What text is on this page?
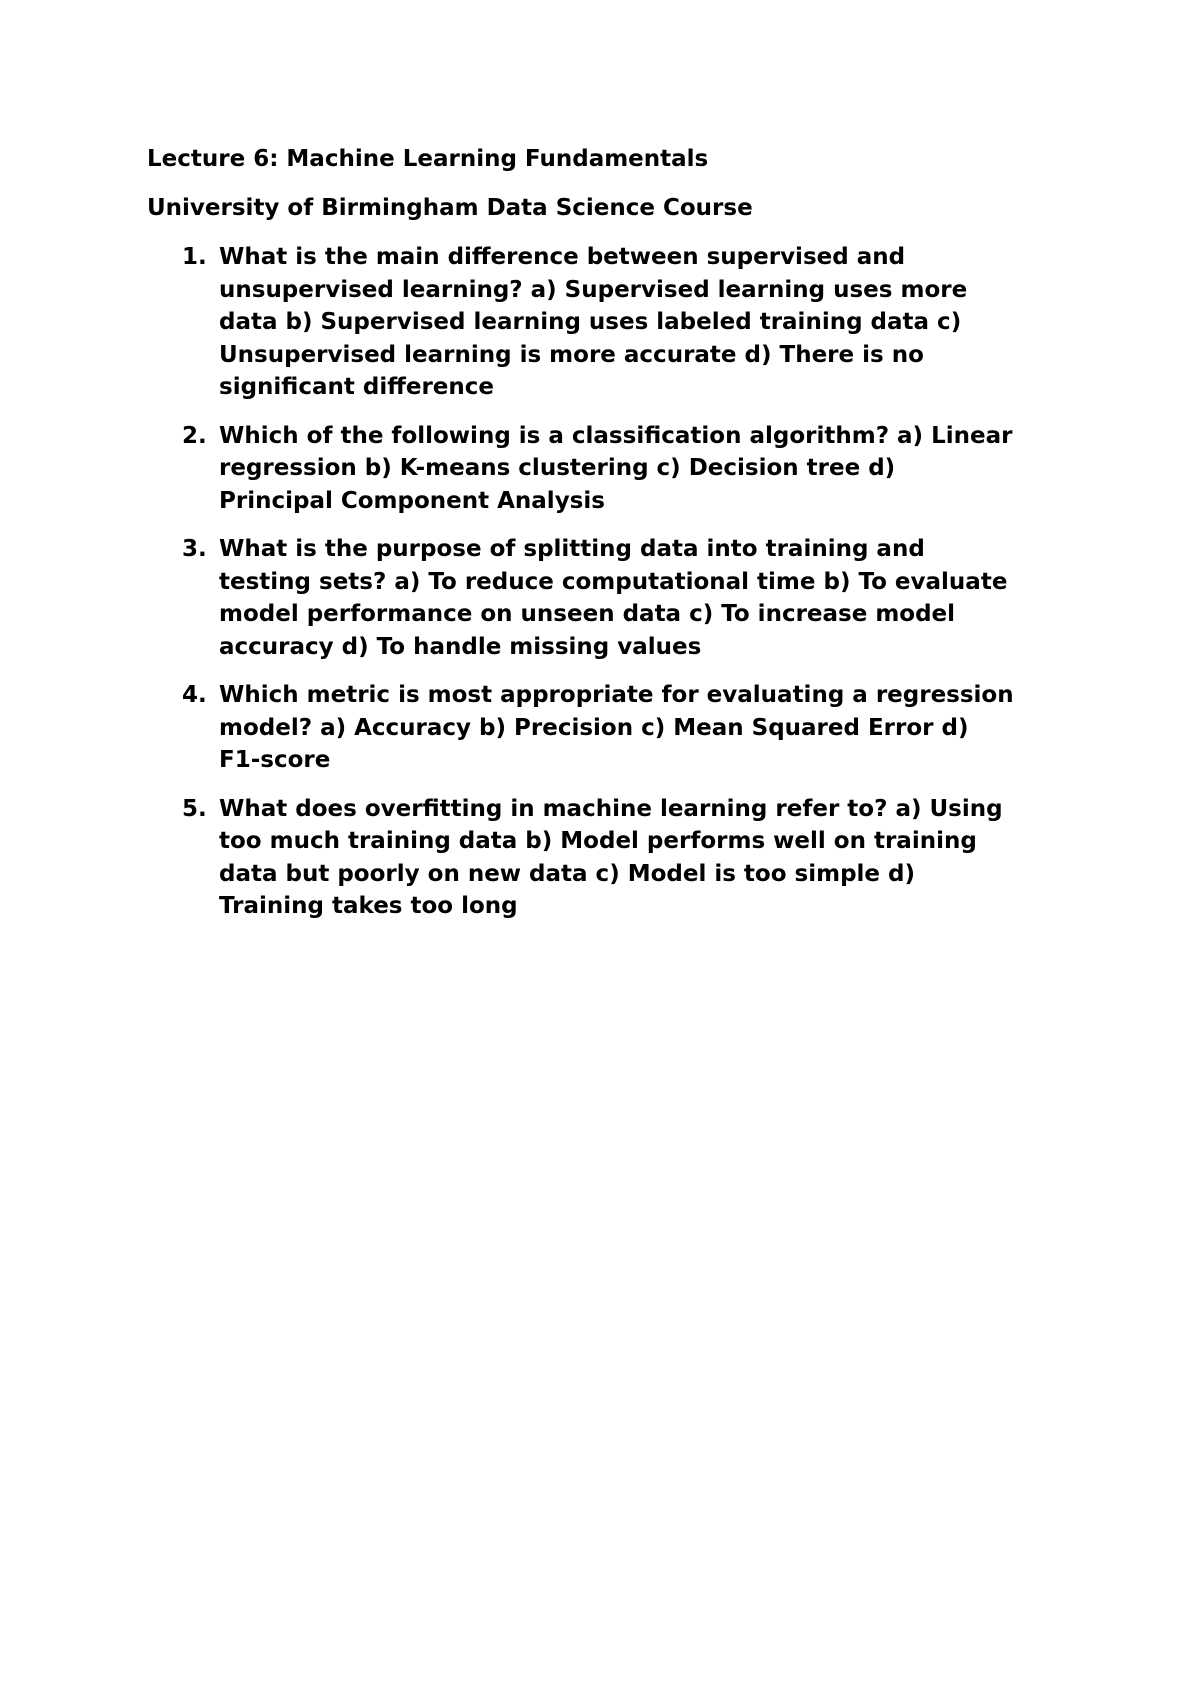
Lecture 6: Machine Learning Fundamentals
University of Birmingham Data Science Course
1. What is the main difference between supervised and
unsupervised learning? a) Supervised learning uses more
data b) Supervised learning uses labeled training data c)
Unsupervised learning is more accurate d) There is no
significant difference
2. Which of the following is a classification algorithm? a) Linear
regression b) K-means clustering c) Decision tree d)
Principal Component Analysis
3. What is the purpose of splitting data into training and
testing sets? a) To reduce computational time b) To evaluate
model performance on unseen data c) To increase model
accuracy d) To handle missing values
4. Which metric is most appropriate for evaluating a regression
model? a) Accuracy b) Precision c) Mean Squared Error d)
F1-score
5. What does overfitting in machine learning refer to? a) Using
too much training data b) Model performs well on training
data but poorly on new data c) Model is too simple d)
Training takes too long
